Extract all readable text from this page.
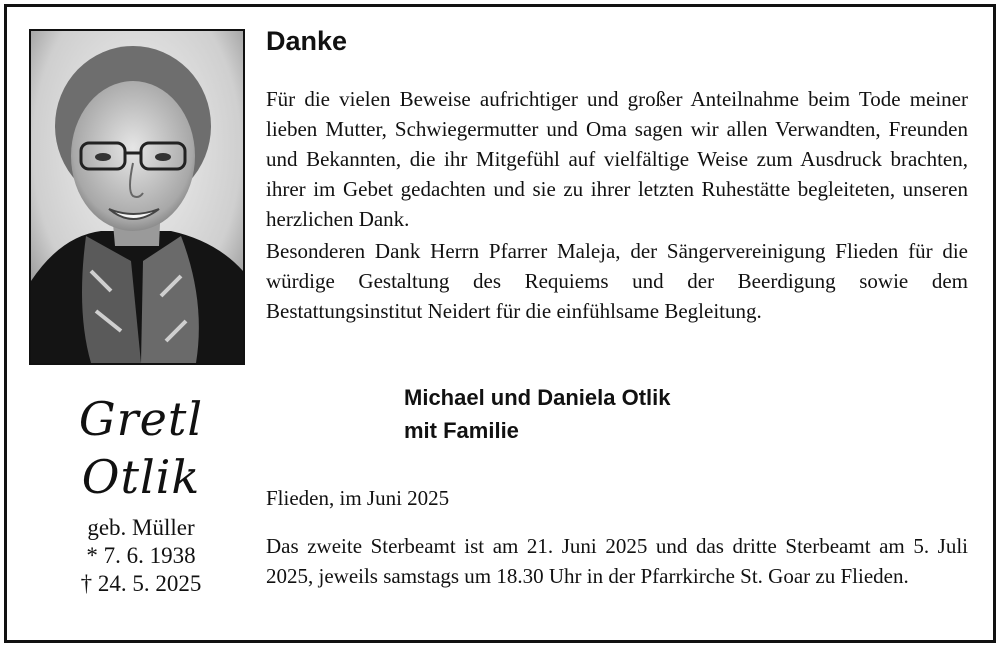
Gretl
Otlik
geb. Müller
* 7. 6. 1938
† 24. 5. 2025
Danke

Für die vielen Beweise aufrichtiger und großer Anteilnahme beim Tode meiner lieben Mutter, Schwiegermutter und Oma sagen wir allen Verwandten, Freunden und Bekannten, die ihr Mitgefühl auf vielfältige Weise zum Ausdruck brachten, ihrer im Gebet gedachten und sie zu ihrer letzten Ruhestätte begleiteten, unseren herzlichen Dank.

Besonderen Dank Herrn Pfarrer Maleja, der Sängervereinigung Flieden für die würdige Gestaltung des Requiems und der Beerdigung sowie dem Bestattungsinstitut Neidert für die einfühlsame Begleitung.

Michael und Daniela Otlik
mit Familie
Flieden, im Juni 2025

Das zweite Sterbeamt ist am 21. Juni 2025 und das dritte Sterbeamt am 5. Juli 2025, jeweils samstags um 18.30 Uhr in der Pfarrkirche St. Goar zu Flieden.
